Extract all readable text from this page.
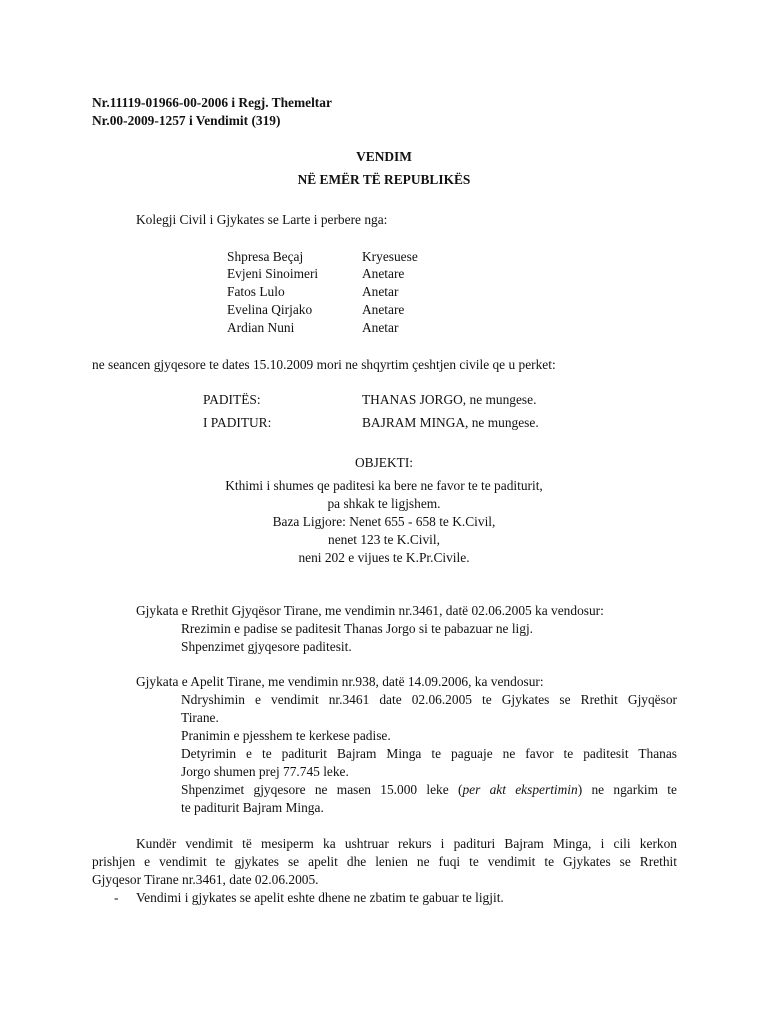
Nr.11119-01966-00-2006 i Regj. Themeltar
Nr.00-2009-1257 i Vendimit (319)
VENDIM
NË EMËR TË REPUBLIKËS
Kolegji Civil i Gjykates se Larte i perbere nga:
Shpresa Beçaj	Kryesuese
Evjeni Sinoimeri	Anetare
Fatos Lulo	Anetar
Evelina Qirjako	Anetare
Ardian Nuni	Anetar
ne seancen gjyqesore te dates 15.10.2009 mori ne shqyrtim çeshtjen civile qe u perket:
PADITËS:	THANAS JORGO, ne mungese.
I PADITUR:	BAJRAM MINGA, ne mungese.
OBJEKTI:
Kthimi i shumes qe paditesi ka bere ne favor te te paditurit,
pa shkak te ligjshem.
Baza Ligjore: Nenet 655 - 658 te K.Civil,
nenet 123 te K.Civil,
neni 202 e vijues te K.Pr.Civile.
Gjykata e Rrethit Gjyqësor Tirane, me vendimin nr.3461, datë 02.06.2005 ka vendosur:
Rrezimin e padise se paditesit Thanas Jorgo si te pabazuar ne ligj.
Shpenzimet gjyqesore paditesit.
Gjykata e Apelit Tirane, me vendimin nr.938, datë 14.09.2006, ka vendosur:
Ndryshimin e vendimit nr.3461 date 02.06.2005 te Gjykates se Rrethit Gjyqësor
Tirane.
Pranimin e pjesshem te kerkese padise.
Detyrimin e te paditurit Bajram Minga te paguaje ne favor te paditesit Thanas
Jorgo shumen prej 77.745 leke.
Shpenzimet gjyqesore ne masen 15.000 leke (per akt ekspertimin) ne ngarkim te
te paditurit Bajram Minga.
Kundër vendimit të mesiperm ka ushtruar rekurs i padituri Bajram Minga, i cili kerkon
prishjen e vendimit te gjykates se apelit dhe lenien ne fuqi te vendimit te Gjykates se Rrethit
Gjyqesor Tirane nr.3461, date 02.06.2005.
- Vendimi i gjykates se apelit eshte dhene ne zbatim te gabuar te ligjit.
